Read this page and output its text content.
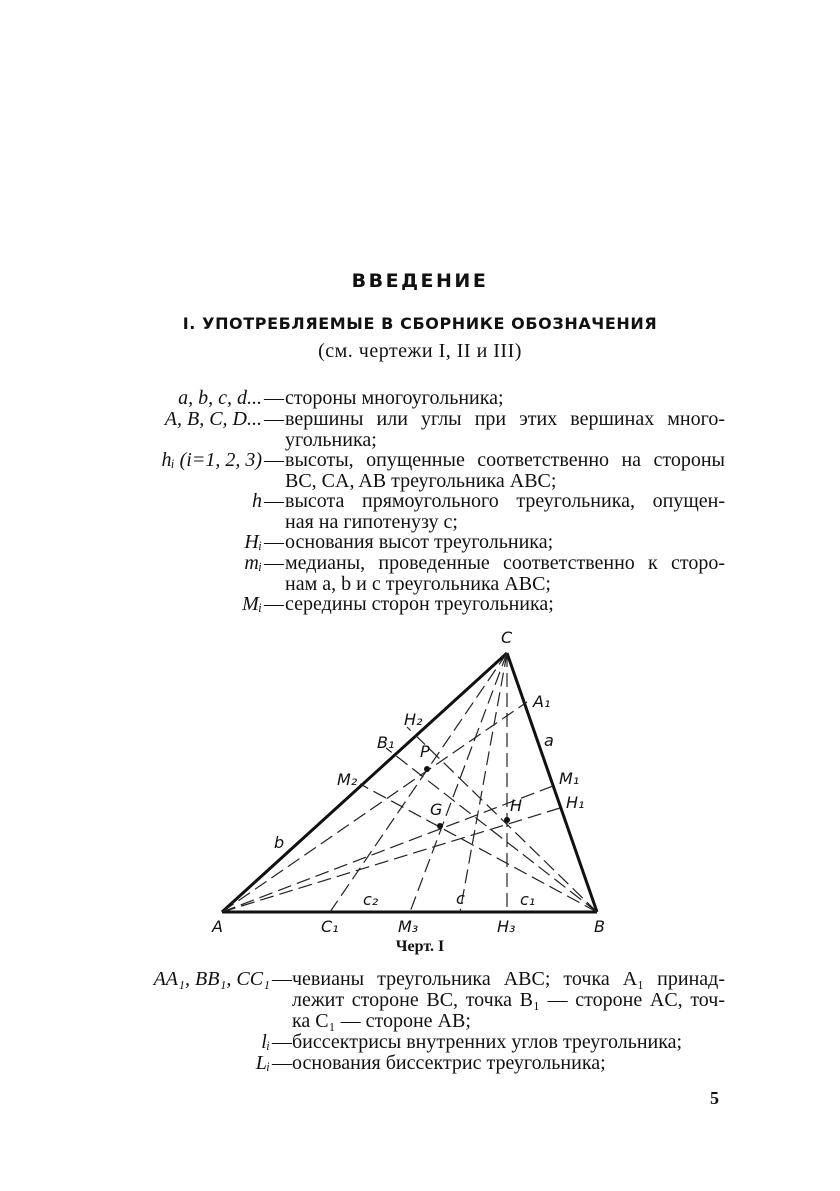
ВВЕДЕНИЕ
I. УПОТРЕБЛЯЕМЫЕ В СБОРНИКЕ ОБОЗНАЧЕНИЯ
(см. чертежи I, II и III)
a, b, c, d... — стороны многоугольника;
A, B, C, D... — вершины или углы при этих вершинах много-
угольника;
hᵢ (i=1, 2, 3) — высоты, опущенные соответственно на стороны
BC, CA, AB треугольника ABC;
h — высота прямоугольного треугольника, опущен-
ная на гипотенузу c;
Hᵢ — основания высот треугольника;
mᵢ — медианы, проведенные соответственно к сторо-
нам a, b и c треугольника ABC;
Mᵢ — середины сторон треугольника;
C
A₁
a
H₂
B₁ P
M₂	M₁
H₁
G	H
b
c₂	c	c₁
A	C₁	M₃	H₃	B
Черт. I
AA₁, BB₁, CC₁ — чевианы треугольника ABC; точка A₁ принад-
лежит стороне BC, точка B₁ — стороне AC, точ-
ка C₁ — стороне AB;
lᵢ — биссектрисы внутренних углов треугольника;
Lᵢ — основания биссектрис треугольника;
5
